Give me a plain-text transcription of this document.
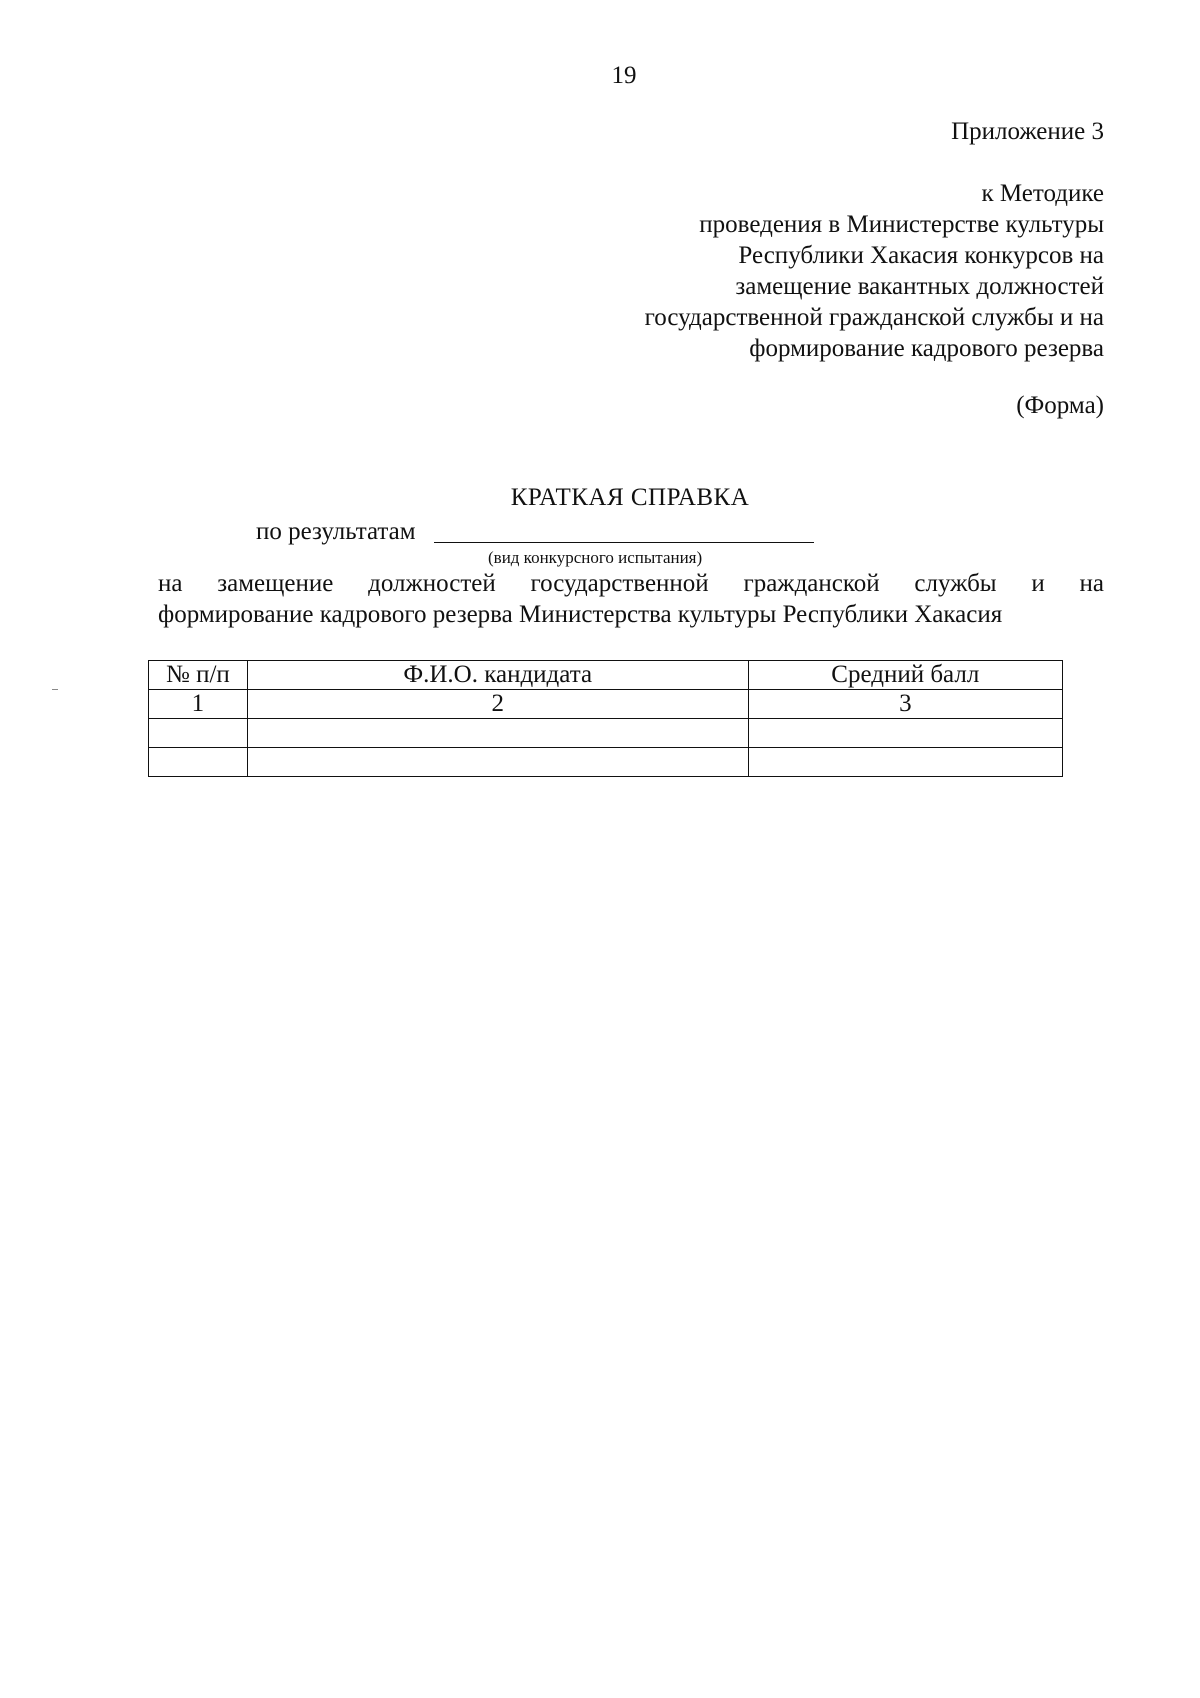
19
Приложение 3
к Методике
проведения в Министерстве культуры
Республики Хакасия конкурсов на
замещение вакантных должностей
государственной гражданской службы и на
формирование кадрового резерва
(Форма)
КРАТКАЯ СПРАВКА
по результатам
(вид конкурсного испытания)
на замещение должностей государственной гражданской службы и на
формирование кадрового резерва Министерства культуры Республики Хакасия
№ п/п	Ф.И.О. кандидата	Средний балл
1	2	3
